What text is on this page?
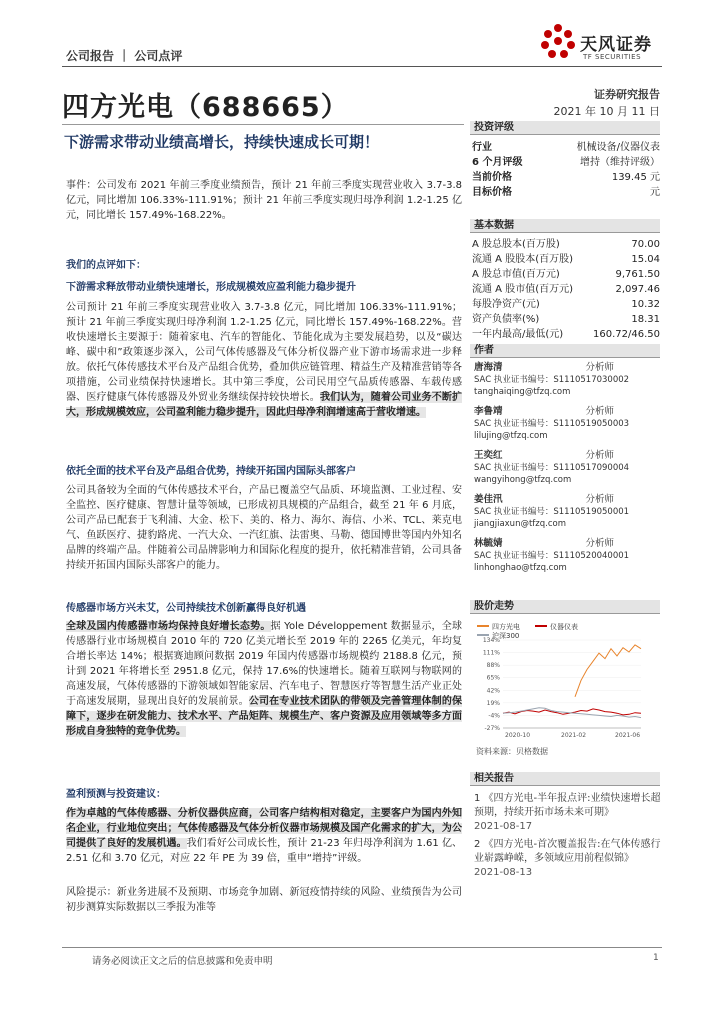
公司报告 ｜ 公司点评
天风证券
TF SECURITIES
四方光电（688665）	证券研究报告
2021 年 10 月 11 日
下游需求带动业绩高增长，持续快速成长可期！
事件：公司发布 2021 年前三季度业绩预告，预计 21 年前三季度实现营业收入 3.7-3.8 亿元，同比增加 106.33%-111.91%；预计 21 年前三季度实现归母净利润 1.2-1.25 亿元，同比增长 157.49%-168.22%。
我们的点评如下：
下游需求释放带动业绩快速增长，形成规模效应盈利能力稳步提升
公司预计 21 年前三季度实现营业收入 3.7-3.8 亿元，同比增加 106.33%-111.91%；预计 21 年前三季度实现归母净利润 1.2-1.25 亿元，同比增长 157.49%-168.22%。营收快速增长主要源于：随着家电、汽车的智能化、节能化成为主要发展趋势，以及“碳达峰、碳中和”政策逐步深入，公司气体传感器及气体分析仪器产业下游市场需求进一步释放。依托气体传感技术平台及产品组合优势，叠加供应链管理、精益生产及精准营销等各项措施，公司业绩保持快速增长。其中第三季度，公司民用空气品质传感器、车载传感器、医疗健康气体传感器及外贸业务继续保持较快增长。我们认为，随着公司业务不断扩大，形成规模效应，公司盈利能力稳步提升，因此归母净利润增速高于营收增速。
依托全面的技术平台及产品组合优势，持续开拓国内国际头部客户
公司具备较为全面的气体传感技术平台，产品已覆盖空气品质、环境监测、工业过程、安全监控、医疗健康、智慧计量等领域，已形成初具规模的产品组合，截至 21 年 6 月底，公司产品已配套于飞利浦、大金、松下、美的、格力、海尔、海信、小米、TCL、莱克电气、鱼跃医疗、捷豹路虎、一汽大众、一汽红旗、法雷奥、马勒、德国博世等国内外知名品牌的终端产品。伴随着公司品牌影响力和国际化程度的提升，依托精准营销，公司具备持续开拓国内国际头部客户的能力。
传感器市场方兴未艾，公司持续技术创新赢得良好机遇
全球及国内传感器市场均保持良好增长态势。据 Yole Développement 数据显示，全球传感器行业市场规模自 2010 年的 720 亿美元增长至 2019 年的 2265 亿美元，年均复合增长率达 14%；根据赛迪顾问数据 2019 年国内传感器市场规模约 2188.8 亿元，预计到 2021 年将增长至 2951.8 亿元，保持 17.6%的快速增长。随着互联网与物联网的高速发展，气体传感器的下游领域如智能家居、汽车电子、智慧医疗等智慧生活产业正处于高速发展期，显现出良好的发展前景。公司在专业技术团队的带领及完善管理体制的保障下，逐步在研发能力、技术水平、产品矩阵、规模生产、客户资源及应用领域等多方面形成自身独特的竞争优势。
盈利预测与投资建议：
作为卓越的气体传感器、分析仪器供应商，公司客户结构相对稳定，主要客户为国内外知名企业，行业地位突出；气体传感器及气体分析仪器市场规模及国产化需求的扩大，为公司提供了良好的发展机遇。我们看好公司成长性，预计 21-23 年归母净利润为 1.61 亿、2.51 亿和 3.70 亿元，对应 22 年 PE 为 39 倍，重申“增持”评级。
风险提示：新业务进展不及预期、市场竞争加剧、新冠疫情持续的风险、业绩预告为公司初步测算实际数据以三季报为准等
投资评级
行业	机械设备/仪器仪表
6 个月评级	增持（维持评级）
当前价格	139.45 元
目标价格	元
基本数据
A 股总股本(百万股)	70.00
流通 A 股股本(百万股)	15.04
A 股总市值(百万元)	9,761.50
流通 A 股市值(百万元)	2,097.46
每股净资产(元)	10.32
资产负债率(%)	18.31
一年内最高/最低(元)	160.72/46.50
作者
唐海清	分析师
SAC 执业证书编号：S1110517030002
tanghaiqing@tfzq.com
李鲁靖	分析师
SAC 执业证书编号：S1110519050003
lilujing@tfzq.com
王奕红	分析师
SAC 执业证书编号：S1110517090004
wangyihong@tfzq.com
姜佳汛	分析师
SAC 执业证书编号：S1110519050001
jiangjiaxun@tfzq.com
林毓婧	分析师
SAC 执业证书编号：S1110520040001
linhonghao@tfzq.com
股价走势
四方光电	仪器仪表
沪深300
134%
111%
88%
65%
42%
19%
-4%
-27%
2020-10	2021-02	2021-06
资料来源：贝格数据
相关报告
1 《四方光电-半年报点评:业绩快速增长超预期，持续开拓市场未来可期》
2021-08-17
2 《四方光电-首次覆盖报告:在气体传感行业崭露峥嵘，多领域应用前程似锦》
2021-08-13
请务必阅读正文之后的信息披露和免责申明	1
